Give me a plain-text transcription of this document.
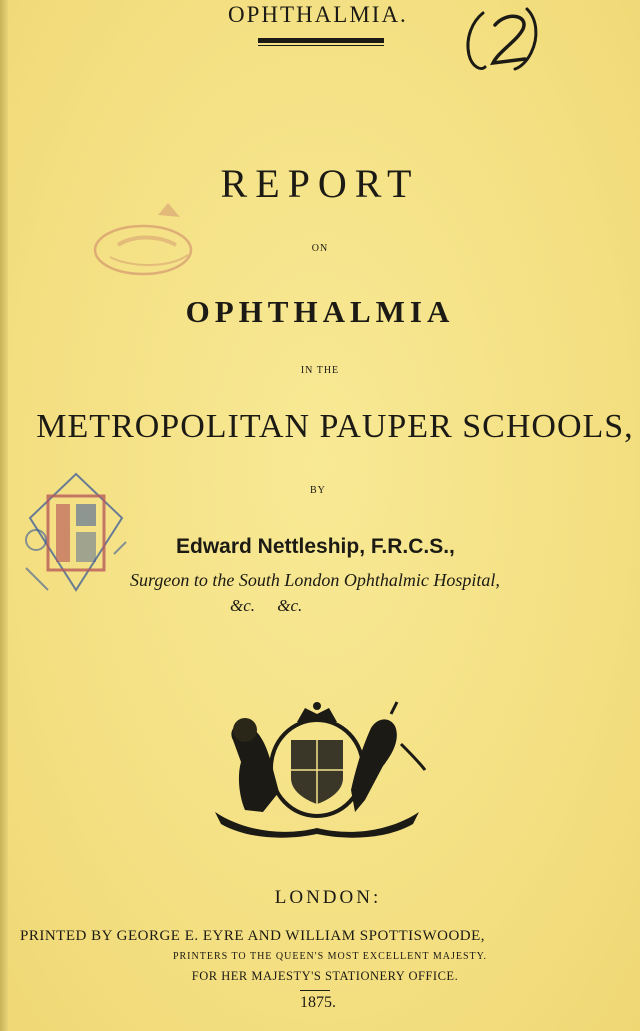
OPHTHALMIA.
REPORT
ON
OPHTHALMIA
IN THE
METROPOLITAN PAUPER SCHOOLS,
BY
Edward Nettleship, F.R.C.S.,
Surgeon to the South London Ophthalmic Hospital,
&c. &c.
LONDON:
PRINTED BY GEORGE E. EYRE AND WILLIAM SPOTTISWOODE,
PRINTERS TO THE QUEEN'S MOST EXCELLENT MAJESTY.
FOR HER MAJESTY'S STATIONERY OFFICE.
1875.
